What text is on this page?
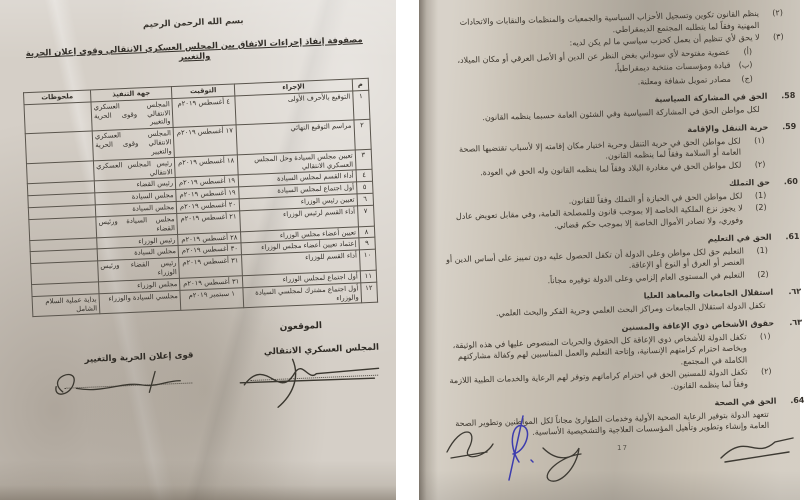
بسم الله الرحمن الرحيم
مصفوفة إنفاذ إجراءات الاتفاق بين المجلس العسكري الانتقالي وقوى إعلان الحرية والتغيير
م	الإجراء	التوقيت	جهة التنفيذ	ملحوظات
١	التوقيع بالأحرف الأولى	٤ أغسطس ٢٠١٩م	المجلس العسكري الانتقالي وقوى الحرية والتغيير	
٢	مراسم التوقيع النهائي	١٧ أغسطس ٢٠١٩م	المجلس العسكري الانتقالي وقوى الحرية والتغيير	
٣	تعيين مجلس السيادة وحل المجلس العسكري الانتقالي	١٨ أغسطس ٢٠١٩م	رئيس المجلس العسكري الانتقالي	
٤	أداء القسم لمجلس السيادة	١٩ أغسطس ٢٠١٩م	رئيس القضاء	
٥	أول اجتماع لمجلس السيادة	١٩ أغسطس ٢٠١٩م	مجلس السيادة	
٦	تعيين رئيس الوزراء	٢٠ أغسطس ٢٠١٩م	مجلس السيادة	
٧	أداء القسم لرئيس الوزراء	٢١ أغسطس ٢٠١٩م	مجلس السيادة ورئيس القضاء	
٨	تعيين أعضاء مجلس الوزراء	٢٨ أغسطس ٢٠١٩م	رئيس الوزراء	
٩	إعتماد تعيين أعضاء مجلس الوزراء	٣٠ أغسطس ٢٠١٩م	مجلس السيادة	
١٠	أداء القسم للوزراء	٣١ أغسطس ٢٠١٩م	رئيس القضاء ورئيس الوزراء	
١١	أول اجتماع لمجلس الوزراء	٣١ أغسطس ٢٠١٩م	مجلس الوزراء	
١٢	أول اجتماع مشترك لمجلسي السيادة والوزراء	١ سبتمبر ٢٠١٩م	مجلسي السيادة والوزراء	بداية عملية السلام الشامل
الموقعون
المجلس العسكري الانتقالي
قوى إعلان الحرية والتغيير
(٢)
ينظم القانون تكوين وتسجيل الأحزاب السياسية والجمعيات والمنظمات والنقابات والاتحادات المهنية وفقاً لما يتطلبه المجتمع الديمقراطي.
(٣)
لا يحق لأي تنظيم أن يعمل كحزب سياسي ما لم يكن لديه:
(أ)
عضوية مفتوحة لأي سوداني بغض النظر عن الدين أو الأصل العرقي أو مكان الميلاد،
(ب)
قيادة ومؤسسات منتخبة ديمقراطياً،
(ج)
مصادر تمويل شفافة ومعلنة.
.58
الحق في المشاركة السياسية
لكل مواطن الحق في المشاركة السياسية وفي الشئون العامة حسبما ينظمه القانون.
.59
حرية التنقل والإقامة
(١)
لكل مواطن الحق في حرية التنقل وحرية اختيار مكان إقامته إلا لأسباب تقتضيها الصحة العامة أو السلامة وفقاً لما ينظمه القانون.
(٢)
لكل مواطن الحق في مغادرة البلاد وفقاً لما ينظمه القانون وله الحق في العودة.
.60
حق التملك
(1)
لكل مواطن الحق في الحيازة أو التملك وفقاً للقانون.
(2)
لا يجوز نزع الملكية الخاصة إلا بموجب قانون وللمصلحة العامة، وفي مقابل تعويض عادل وفوري، ولا تصادر الأموال الخاصة إلا بموجب حكم قضائي.
.61
الحق في التعليم
(1)
التعليم حق لكل مواطن وعلى الدولة أن تكفل الحصول عليه دون تمييز على أساس الدين أو العنصر أو العرق أو النوع أو الإعاقة.
(2)
التعليم في المستوى العام إلزامي وعلى الدولة توفيره مجاناً.
.٦٢
استقلال الجامعات والمعاهد العليا
تكفل الدولة استقلال الجامعات ومراكز البحث العلمي وحرية الفكر والبحث العلمي.
.٦٣
حقوق الأشخاص ذوي الإعاقة والمسنين
(١)
تكفل الدولة للأشخاص ذوي الإعاقة كل الحقوق والحريات المنصوص عليها في هذه الوثيقة، وبخاصة احترام كرامتهم الإنسانية، وإتاحة التعليم والعمل المناسبين لهم وكفالة مشاركتهم الكاملة في المجتمع.
(٢)
تكفل الدولة للمسنين الحق في احترام كراماتهم وتوفر لهم الرعاية والخدمات الطبية اللازمة وفقاً لما ينظمه القانون.
.64
الحق في الصحة
تتعهد الدولة بتوفير الرعاية الصحية الأولية وخدمات الطوارئ مجاناً لكل المواطنين وتطوير الصحة العامة وإنشاء وتطوير وتأهيل المؤسسات العلاجية والتشخيصية الأساسية.
17
